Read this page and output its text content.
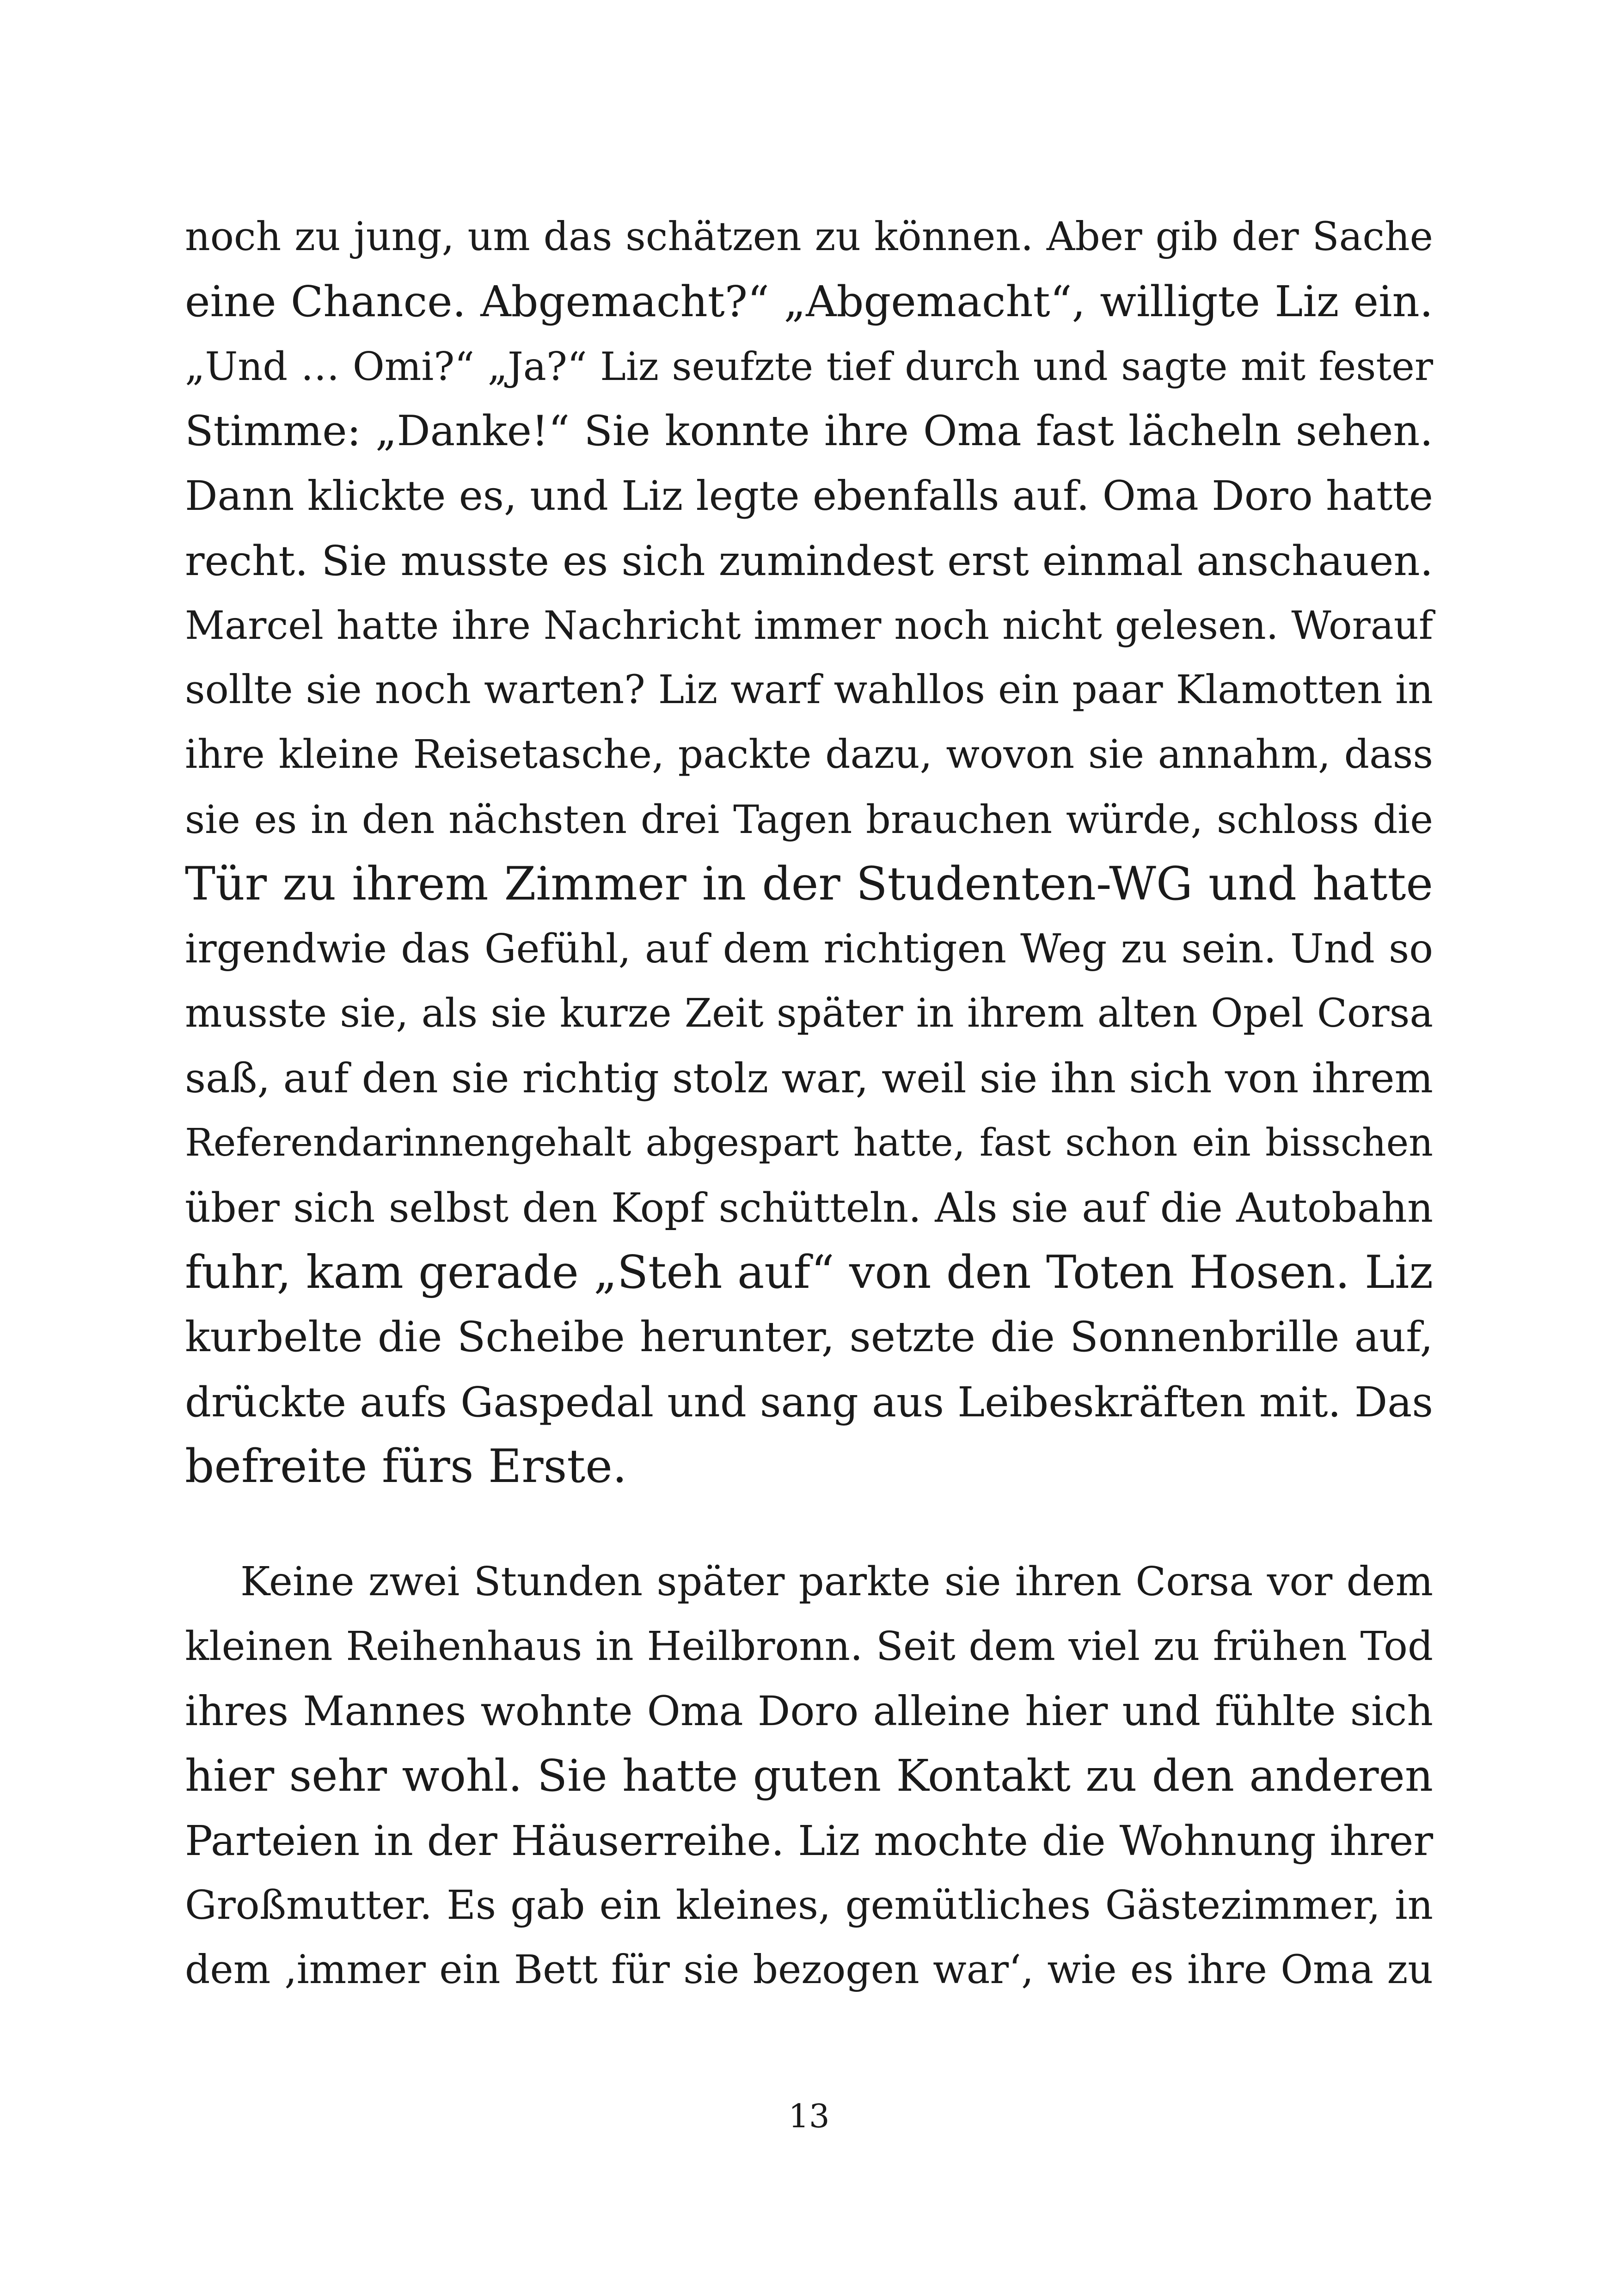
noch zu jung, um das schätzen zu können. Aber gib der Sache
eine Chance. Abgemacht?“ „Abgemacht“, willigte Liz ein.
„Und … Omi?“ „Ja?“ Liz seufzte tief durch und sagte mit fester
Stimme: „Danke!“ Sie konnte ihre Oma fast lächeln sehen.
Dann klickte es, und Liz legte ebenfalls auf. Oma Doro hatte
recht. Sie musste es sich zumindest erst einmal anschauen.
Marcel hatte ihre Nachricht immer noch nicht gelesen. Worauf
sollte sie noch warten? Liz warf wahllos ein paar Klamotten in
ihre kleine Reisetasche, packte dazu, wovon sie annahm, dass
sie es in den nächsten drei Tagen brauchen würde, schloss die
Tür zu ihrem Zimmer in der Studenten-WG und hatte
irgendwie das Gefühl, auf dem richtigen Weg zu sein. Und so
musste sie, als sie kurze Zeit später in ihrem alten Opel Corsa
saß, auf den sie richtig stolz war, weil sie ihn sich von ihrem
Referendarinnengehalt abgespart hatte, fast schon ein bisschen
über sich selbst den Kopf schütteln. Als sie auf die Autobahn
fuhr, kam gerade „Steh auf“ von den Toten Hosen. Liz
kurbelte die Scheibe herunter, setzte die Sonnenbrille auf,
drückte aufs Gaspedal und sang aus Leibeskräften mit. Das
befreite fürs Erste.
Keine zwei Stunden später parkte sie ihren Corsa vor dem
kleinen Reihenhaus in Heilbronn. Seit dem viel zu frühen Tod
ihres Mannes wohnte Oma Doro alleine hier und fühlte sich
hier sehr wohl. Sie hatte guten Kontakt zu den anderen
Parteien in der Häuserreihe. Liz mochte die Wohnung ihrer
Großmutter. Es gab ein kleines, gemütliches Gästezimmer, in
dem ‚immer ein Bett für sie bezogen war‘, wie es ihre Oma zu
13
